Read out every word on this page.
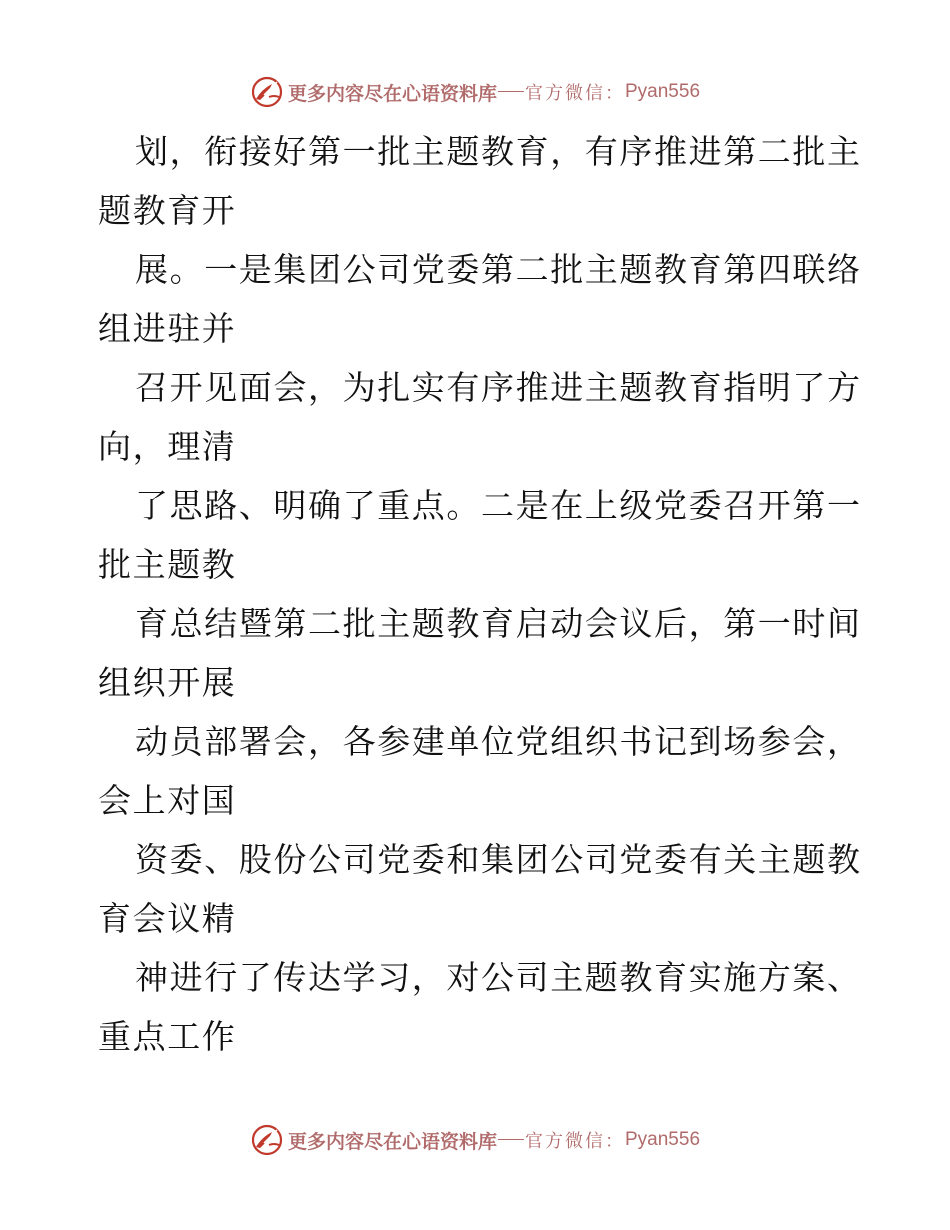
更多内容尽在心语资料库 官方微信： Pyan556
划，衔接好第一批主题教育，有序推进第二批主
题教育开
展。一是集团公司党委第二批主题教育第四联络
组进驻并
召开见面会，为扎实有序推进主题教育指明了方
向，理清
了思路、明确了重点。二是在上级党委召开第一
批主题教
育总结暨第二批主题教育启动会议后，第一时间
组织开展
动员部署会，各参建单位党组织书记到场参会，
会上对国
资委、股份公司党委和集团公司党委有关主题教
育会议精
神进行了传达学习，对公司主题教育实施方案、
重点工作
更多内容尽在心语资料库 官方微信： Pyan556
